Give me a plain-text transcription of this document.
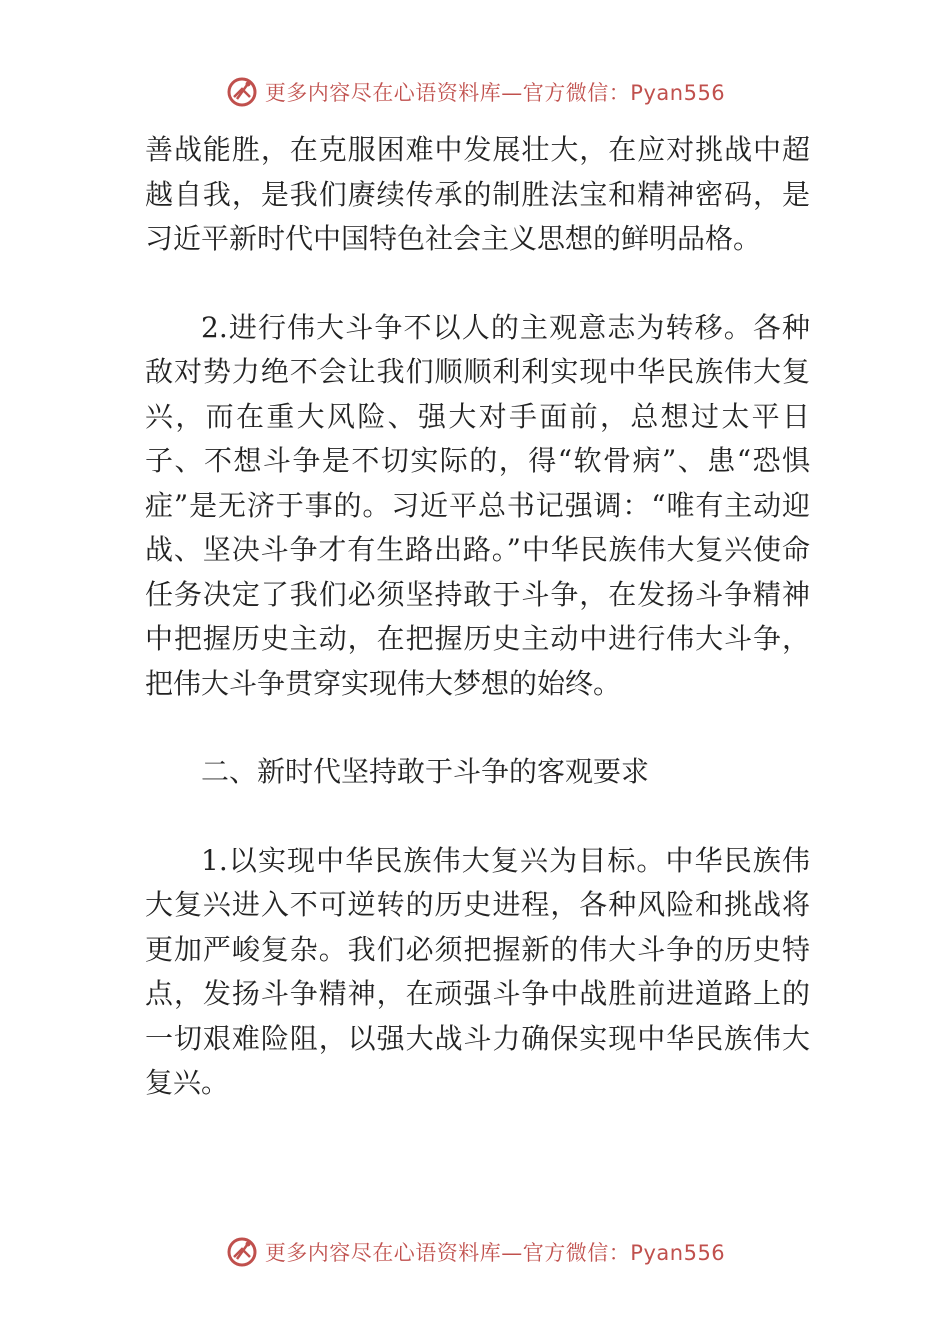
更多内容尽在心语资料库—官方微信：Pyan556

善战能胜，在克服困难中发展壮大，在应对挑战中超越自我，是我们赓续传承的制胜法宝和精神密码，是习近平新时代中国特色社会主义思想的鲜明品格。

2.进行伟大斗争不以人的主观意志为转移。各种敌对势力绝不会让我们顺顺利利实现中华民族伟大复兴，而在重大风险、强大对手面前，总想过太平日子、不想斗争是不切实际的，得“软骨病”、患“恐惧症”是无济于事的。习近平总书记强调：“唯有主动迎战、坚决斗争才有生路出路。”中华民族伟大复兴使命任务决定了我们必须坚持敢于斗争，在发扬斗争精神中把握历史主动，在把握历史主动中进行伟大斗争，把伟大斗争贯穿实现伟大梦想的始终。

二、新时代坚持敢于斗争的客观要求

1.以实现中华民族伟大复兴为目标。中华民族伟大复兴进入不可逆转的历史进程，各种风险和挑战将更加严峻复杂。我们必须把握新的伟大斗争的历史特点，发扬斗争精神，在顽强斗争中战胜前进道路上的一切艰难险阻，以强大战斗力确保实现中华民族伟大复兴。

更多内容尽在心语资料库—官方微信：Pyan556
